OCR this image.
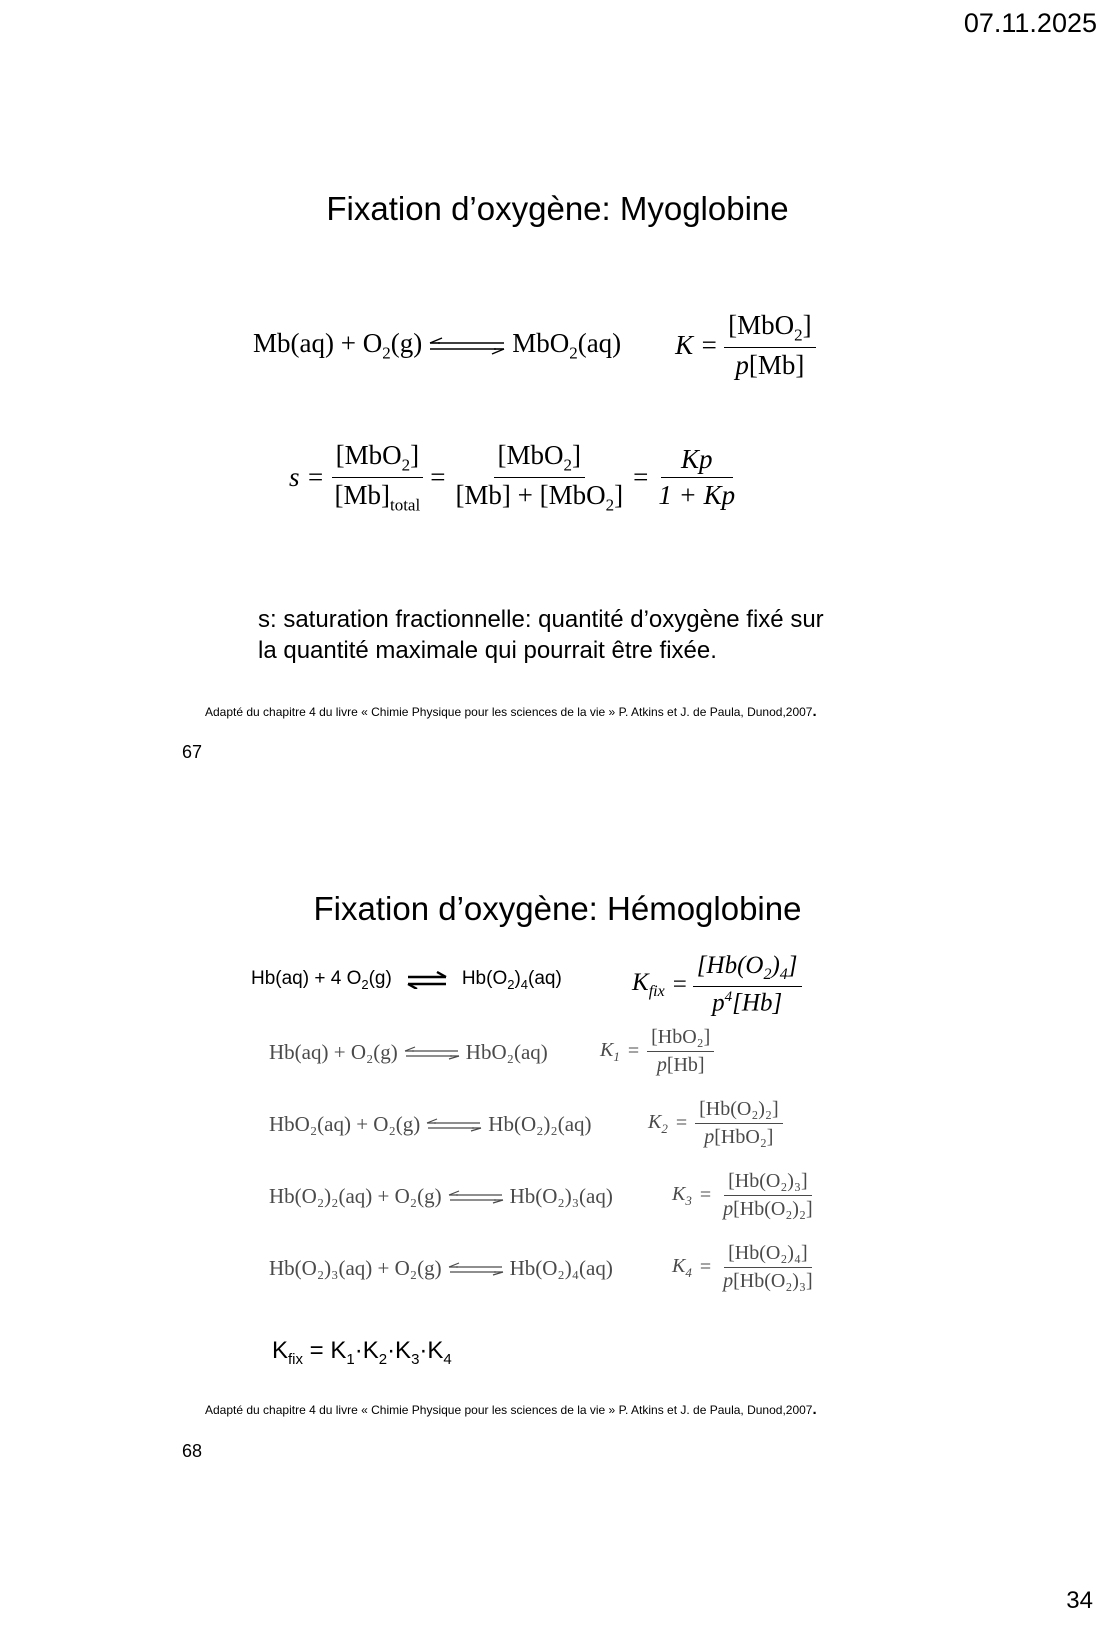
07.11.2025
34
Fixation d’oxygène: Myoglobine
$Mb(aq) + O_2(g)$ ⇌ MbO$_2$(aq) $K = \frac{[MbO_2]}{p[Mb]}$
$s = \frac{[MbO_2]}{[Mb]_{total}} = \frac{[MbO_2]}{[Mb] + [MbO_2]} = \frac{Kp}{1 + Kp}$
s: saturation fractionnelle: quantité d’oxygène fixé sur
la quantité maximale qui pourrait être fixée.
Adapté du chapitre 4 du livre « Chimie Physique pour les sciences de la vie » P. Atkins et J. de Paula, Dunod,2007.
67
Fixation d’oxygène: Hémoglobine
Hb(aq) + 4 $O_2(g)$ ⇌ $Hb(O_2)_4(aq)$	$K_{fix} = \frac{[Hb(O_2)_4]}{p^4[Hb]}$
Hb(aq) + O₂(g) ⇌ HbO₂(aq)	$K_1 = \frac{\text{[HbO₂]}}{p[Hb]}$
HbO₂(aq) + O₂(g) ⇌ Hb(O₂)₂(aq)	$K_2 = \frac{\text{[Hb(O₂)₂]}}{\text{p[HbO₂]}}$
Hb(O₂)₂(aq) + O₂(g) ⇌ Hb(O₂)₃(aq)	$K_3 = \frac{\text{[Hb(O₂)₃]}}{\text{p[Hb(O₂)₂]}}$
Hb(O₂)₃(aq) + O₂(g) ⇌ Hb(O₂)₄(aq)	$K_4 = \frac{\text{[Hb(O₂)₄]}}{\text{p[Hb(O₂)₃]}}$
$K_{fix} = K_1\cdot K_2\cdot K_3\cdot K_4$
Adapté du chapitre 4 du livre « Chimie Physique pour les sciences de la vie » P. Atkins et J. de Paula, Dunod,2007.
68
